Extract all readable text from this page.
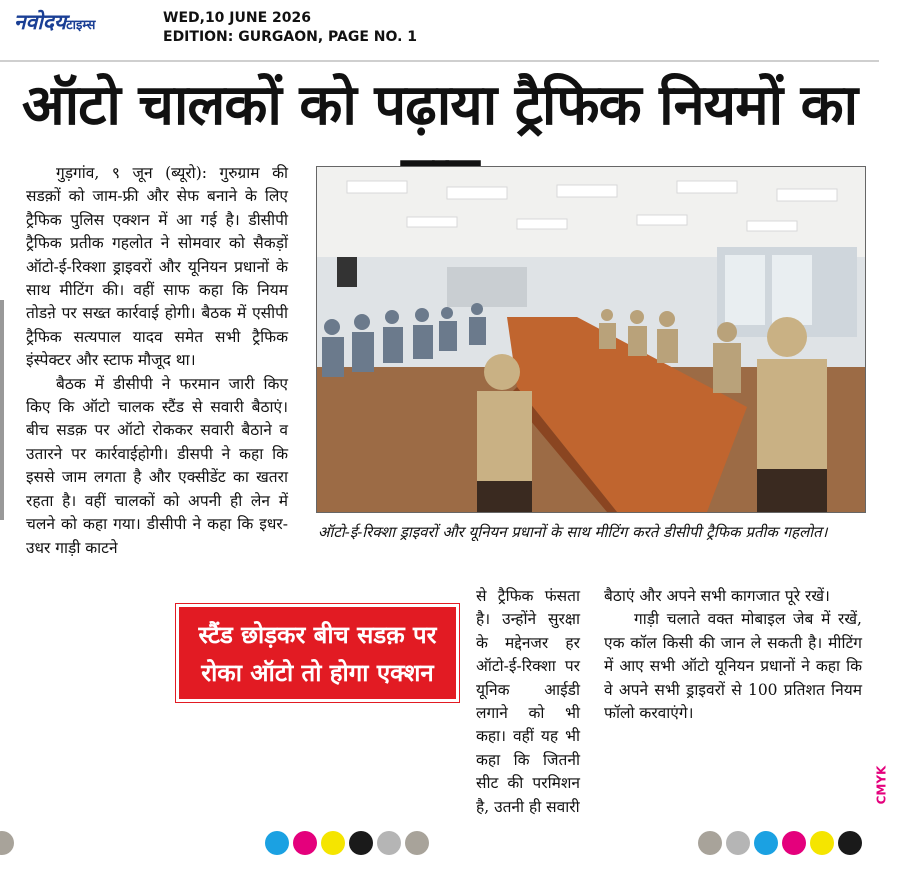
नवोदयटाइम्स	WED,10 JUNE 2026
EDITION: GURGAON, PAGE NO. 1
ऑटो चालकों को पढ़ाया ट्रैफिक नियमों का

गुड़गांव, ९ जून (ब्यूरो): गुरुग्राम की सडक़ों को जाम-फ्री और सेफ बनाने के लिए ट्रैफिक पुलिस एक्शन में आ गई है। डीसीपी ट्रैफिक प्रतीक गहलोत ने सोमवार को सैकड़ों ऑटो-ई-रिक्शा ड्राइवरों और यूनियन प्रधानों के साथ मीटिंग की। वहीं साफ कहा कि नियम तोडऩे पर सख्त कार्रवाई होगी। बैठक में एसीपी ट्रैफिक सत्यपाल यादव समेत सभी ट्रैफिक इंस्पेक्टर और स्टाफ मौजूद था।

बैठक में डीसीपी ने फरमान जारी किए किए कि ऑटो चालक स्टैंड से सवारी बैठाएं। बीच सडक़ पर ऑटो रोककर सवारी बैठाने व उतारने पर कार्रवाईहोगी। डीसपी ने कहा कि इससे जाम लगता है और एक्सीडेंट का खतरा रहता है। वहीं चालकों को अपनी ही लेन में चलने को कहा गया। डीसीपी ने कहा कि इधर-उधर गाड़ी काटने

ऑटो-ई-रिक्शा ड्राइवरों और यूनियन प्रधानों के साथ मीटिंग करते डीसीपी ट्रैफिक प्रतीक गहलोत।
स्टैंड छोड़कर बीच सडक़ पर
रोका ऑटो तो होगा एक्शन

से ट्रैफिक फंसता है। उन्होंने सुरक्षा के मद्देनजर हर ऑटो-ई-रिक्शा पर यूनिक आईडी लगाने को भी कहा। वहीं यह भी कहा कि जितनी सीट की परमिशन है, उतनी ही सवारी

बैठाएं और अपने सभी कागजात पूरे रखें।

गाड़ी चलाते वक्त मोबाइल जेब में रखें, एक कॉल किसी की जान ले सकती है। मीटिंग में आए सभी ऑटो यूनियन प्रधानों ने कहा कि वे अपने सभी ड्राइवरों से 100 प्रतिशत नियम फॉलो करवाएंगे।

CMYK
